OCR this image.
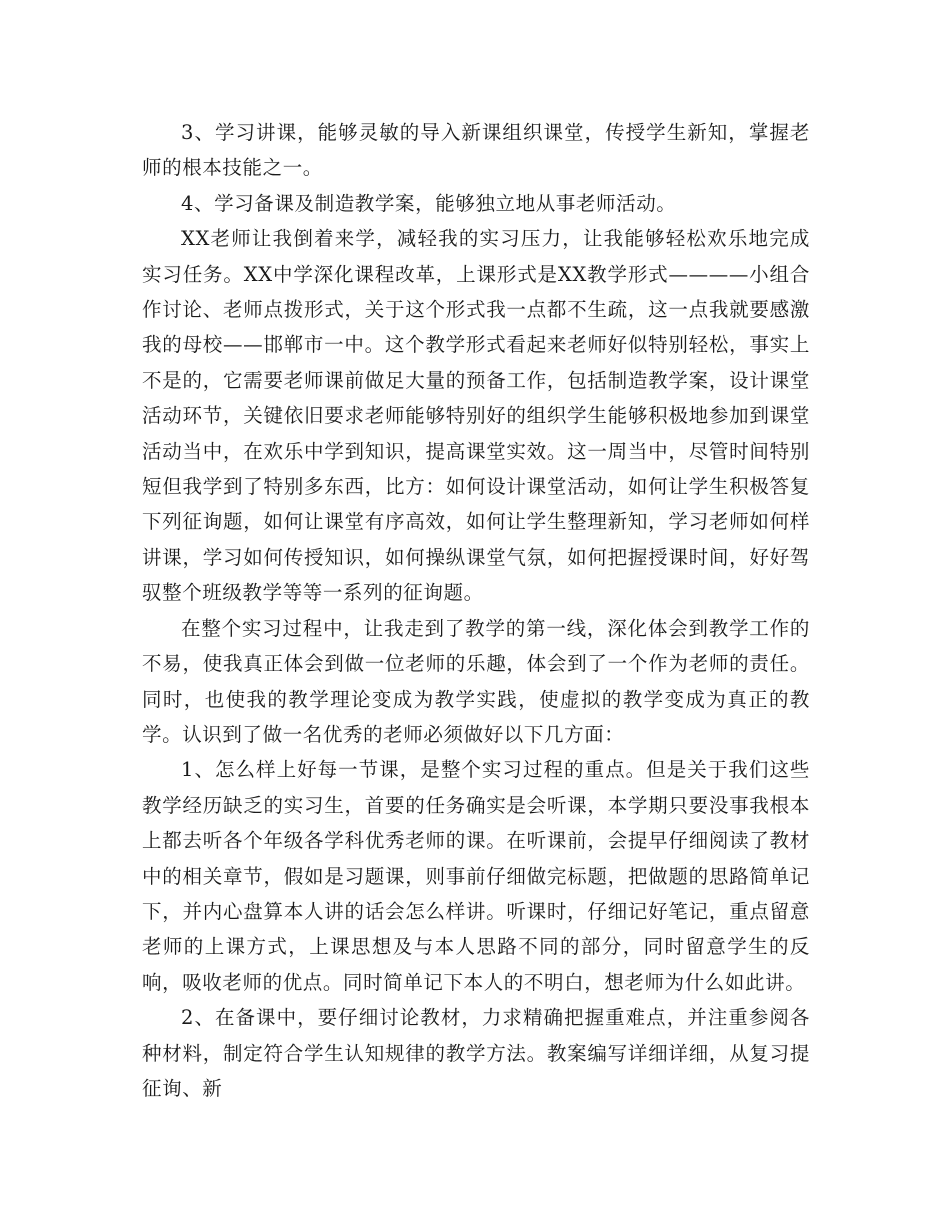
3、学习讲课，能够灵敏的导入新课组织课堂，传授学生新知，掌握老师的根本技能之一。

4、学习备课及制造教学案，能够独立地从事老师活动。

XX老师让我倒着来学，减轻我的实习压力，让我能够轻松欢乐地完成实习任务。XX中学深化课程改革，上课形式是XX教学形式————小组合作讨论、老师点拨形式，关于这个形式我一点都不生疏，这一点我就要感激我的母校——邯郸市一中。这个教学形式看起来老师好似特别轻松，事实上不是的，它需要老师课前做足大量的预备工作，包括制造教学案，设计课堂活动环节，关键依旧要求老师能够特别好的组织学生能够积极地参加到课堂活动当中，在欢乐中学到知识，提高课堂实效。这一周当中，尽管时间特别短但我学到了特别多东西，比方：如何设计课堂活动，如何让学生积极答复下列征询题，如何让课堂有序高效，如何让学生整理新知，学习老师如何样讲课，学习如何传授知识，如何操纵课堂气氛，如何把握授课时间，好好驾驭整个班级教学等等一系列的征询题。

在整个实习过程中，让我走到了教学的第一线，深化体会到教学工作的不易，使我真正体会到做一位老师的乐趣，体会到了一个作为老师的责任。同时，也使我的教学理论变成为教学实践，使虚拟的教学变成为真正的教学。认识到了做一名优秀的老师必须做好以下几方面：

1、怎么样上好每一节课，是整个实习过程的重点。但是关于我们这些教学经历缺乏的实习生，首要的任务确实是会听课，本学期只要没事我根本上都去听各个年级各学科优秀老师的课。在听课前，会提早仔细阅读了教材中的相关章节，假如是习题课，则事前仔细做完标题，把做题的思路简单记下，并内心盘算本人讲的话会怎么样讲。听课时，仔细记好笔记，重点留意老师的上课方式，上课思想及与本人思路不同的部分，同时留意学生的反响，吸收老师的优点。同时简单记下本人的不明白，想老师为什么如此讲。

2、在备课中，要仔细讨论教材，力求精确把握重难点，并注重参阅各种材料，制定符合学生认知规律的教学方法。教案编写详细详细，从复习提征询、新
